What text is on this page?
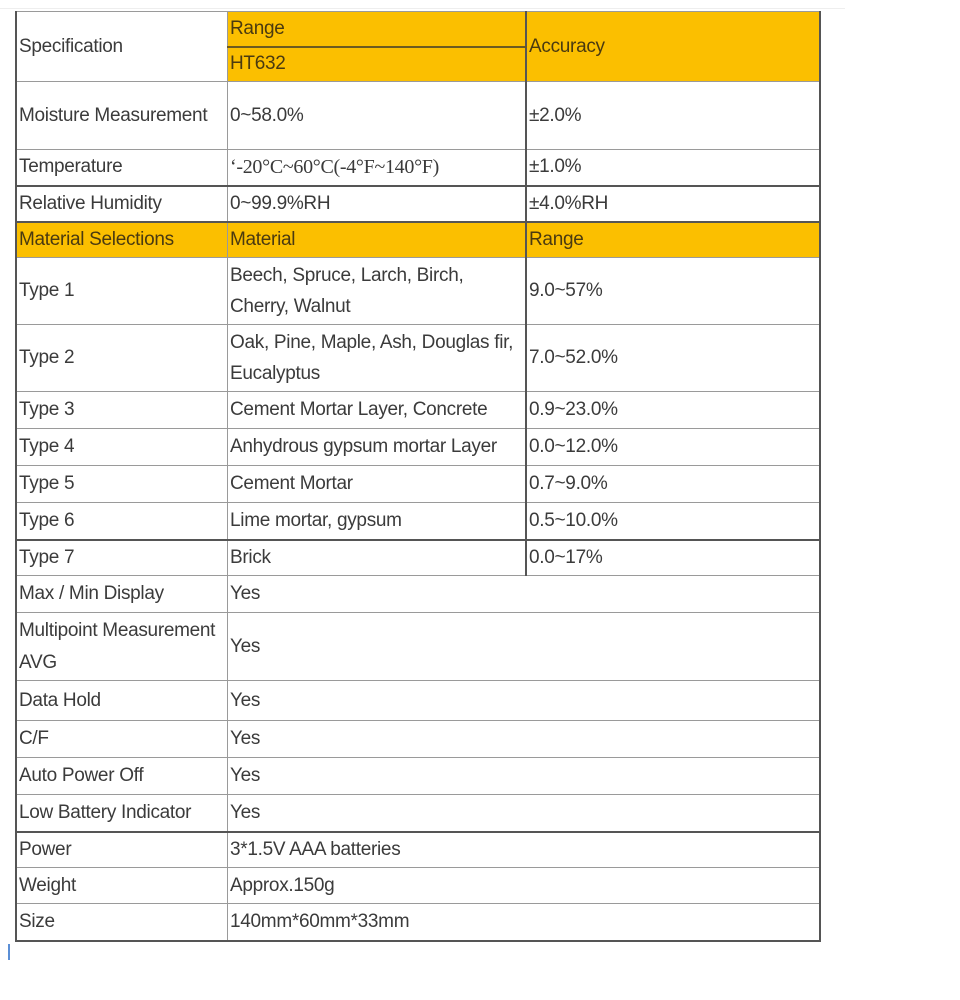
Specification	Range	Accuracy
	HT632	
Moisture Measurement	0~58.0%	±2.0%
Temperature	‘-20°C~60°C(-4°F~140°F)	±1.0%
Relative Humidity	0~99.9%RH	±4.0%RH
Material Selections	Material	Range
Type 1	Beech, Spruce, Larch, Birch, Cherry, Walnut	9.0~57%
Type 2	Oak, Pine, Maple, Ash, Douglas fir, Eucalyptus	7.0~52.0%
Type 3	Cement Mortar Layer, Concrete	0.9~23.0%
Type 4	Anhydrous gypsum mortar Layer	0.0~12.0%
Type 5	Cement Mortar	0.7~9.0%
Type 6	Lime mortar, gypsum	0.5~10.0%
Type 7	Brick	0.0~17%
Max / Min Display	Yes	
Multipoint Measurement AVG	Yes	
Data Hold	Yes	
C/F	Yes	
Auto Power Off	Yes	
Low Battery Indicator	Yes	
Power	3*1.5V AAA batteries	
Weight	Approx.150g	
Size	140mm*60mm*33mm	
